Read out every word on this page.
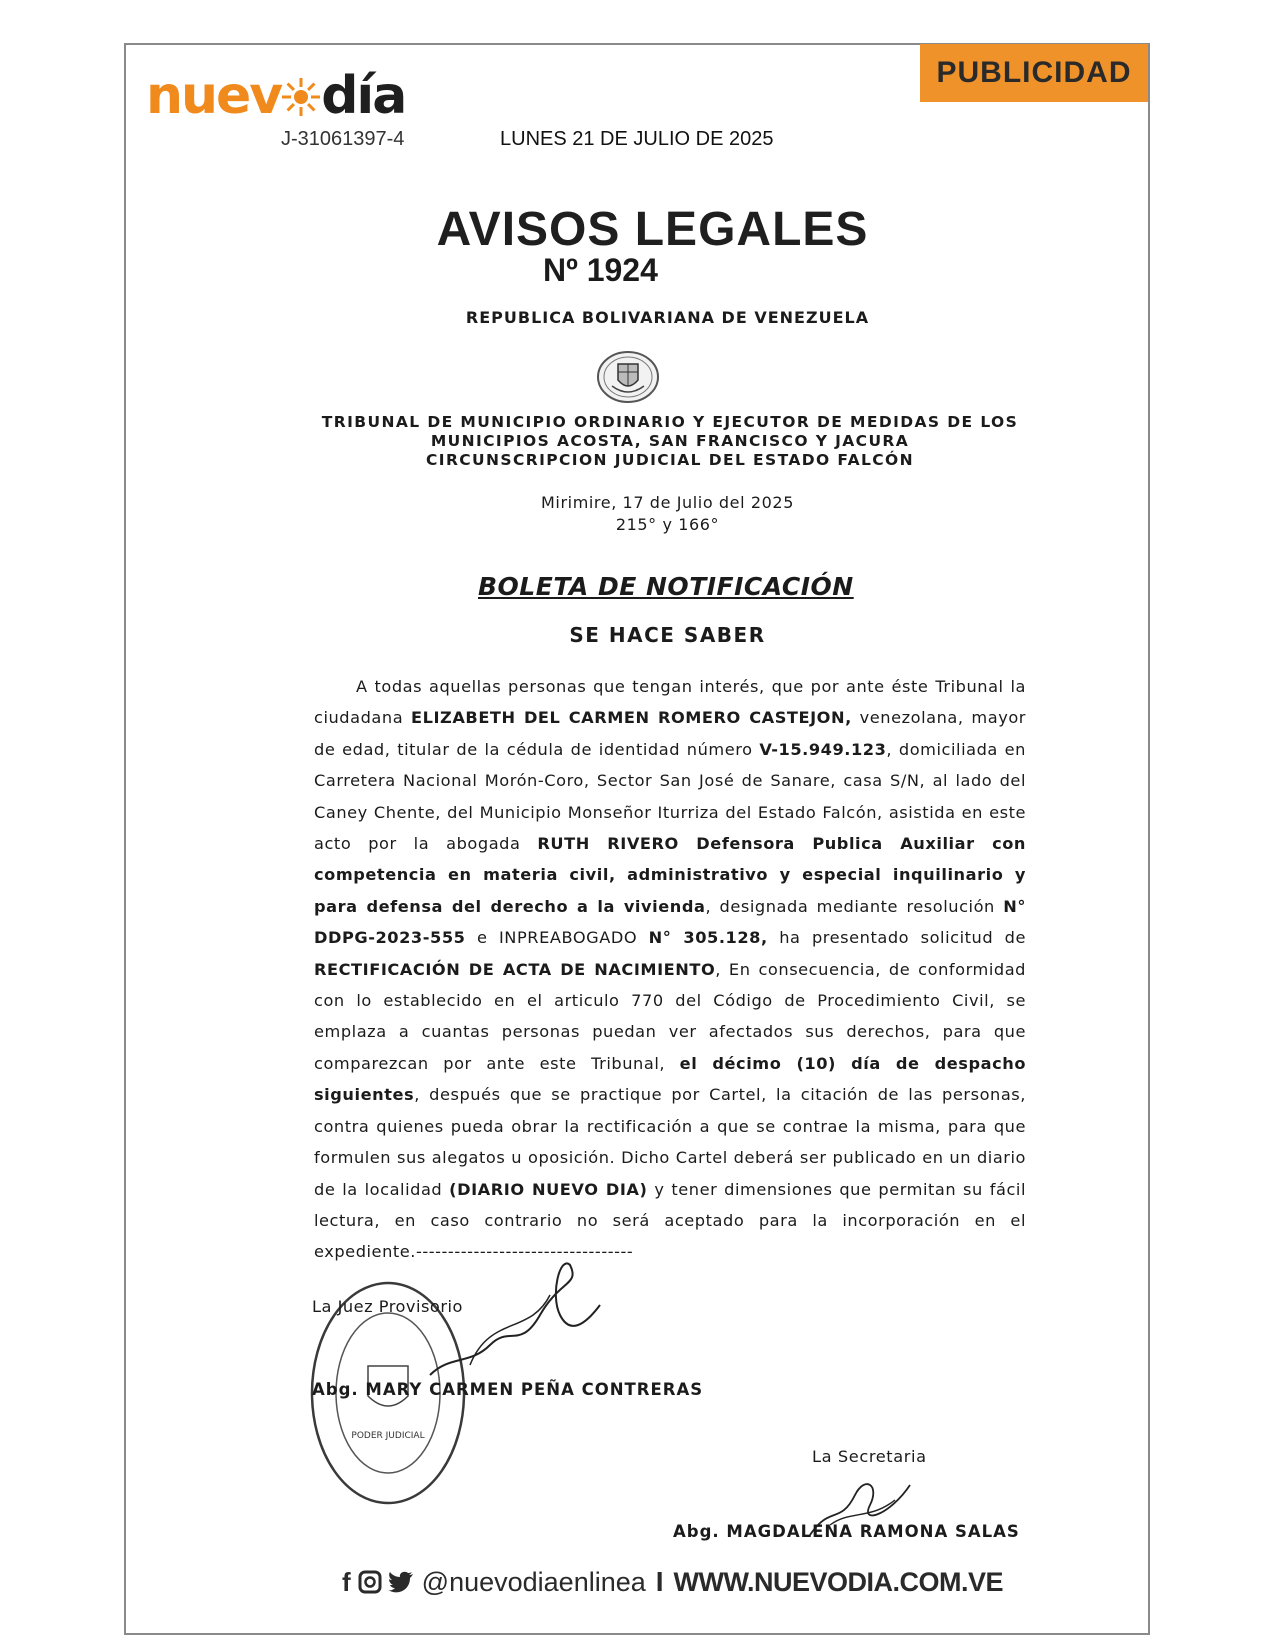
nuev día
J-31061397-4	LUNES 21 DE JULIO DE 2025
PUBLICIDAD
AVISOS LEGALES
Nº 1924
REPUBLICA BOLIVARIANA DE VENEZUELA
TRIBUNAL DE MUNICIPIO ORDINARIO Y EJECUTOR DE MEDIDAS DE LOS
MUNICIPIOS ACOSTA, SAN FRANCISCO Y JACURA
CIRCUNSCRIPCION JUDICIAL DEL ESTADO FALCÓN
Mirimire, 17 de Julio del 2025
215° y 166°
BOLETA DE NOTIFICACIÓN
SE HACE SABER

A todas aquellas personas que tengan interés, que por ante éste Tribunal la ciudadana ELIZABETH DEL CARMEN ROMERO CASTEJON, venezolana, mayor de edad, titular de la cédula de identidad número V-15.949.123, domiciliada en Carretera Nacional Morón-Coro, Sector San José de Sanare, casa S/N, al lado del Caney Chente, del Municipio Monseñor Iturriza del Estado Falcón, asistida en este acto por la abogada RUTH RIVERO Defensora Publica Auxiliar con competencia en materia civil, administrativo y especial inquilinario y para defensa del derecho a la vivienda, designada mediante resolución N° DDPG-2023-555 e INPREABOGADO N° 305.128, ha presentado solicitud de RECTIFICACIÓN DE ACTA DE NACIMIENTO, En consecuencia, de conformidad con lo establecido en el articulo 770 del Código de Procedimiento Civil, se emplaza a cuantas personas puedan ver afectados sus derechos, para que comparezcan por ante este Tribunal, el décimo (10) día de despacho siguientes, después que se practique por Cartel, la citación de las personas, contra quienes pueda obrar la rectificación a que se contrae la misma, para que formulen sus alegatos u oposición. Dicho Cartel deberá ser publicado en un diario de la localidad (DIARIO NUEVO DIA) y tener dimensiones que permitan su fácil lectura, en caso contrario no será aceptado para la incorporación en el expediente.----------------------------------

PODER JUDICIAL
La Juez Provisorio
Abg. MARY CARMEN PEÑA CONTRERAS
La Secretaria
Abg. MAGDALENA RAMONA SALAS
f	@nuevodiaenlinea I WWW.NUEVODIA.COM.VE
